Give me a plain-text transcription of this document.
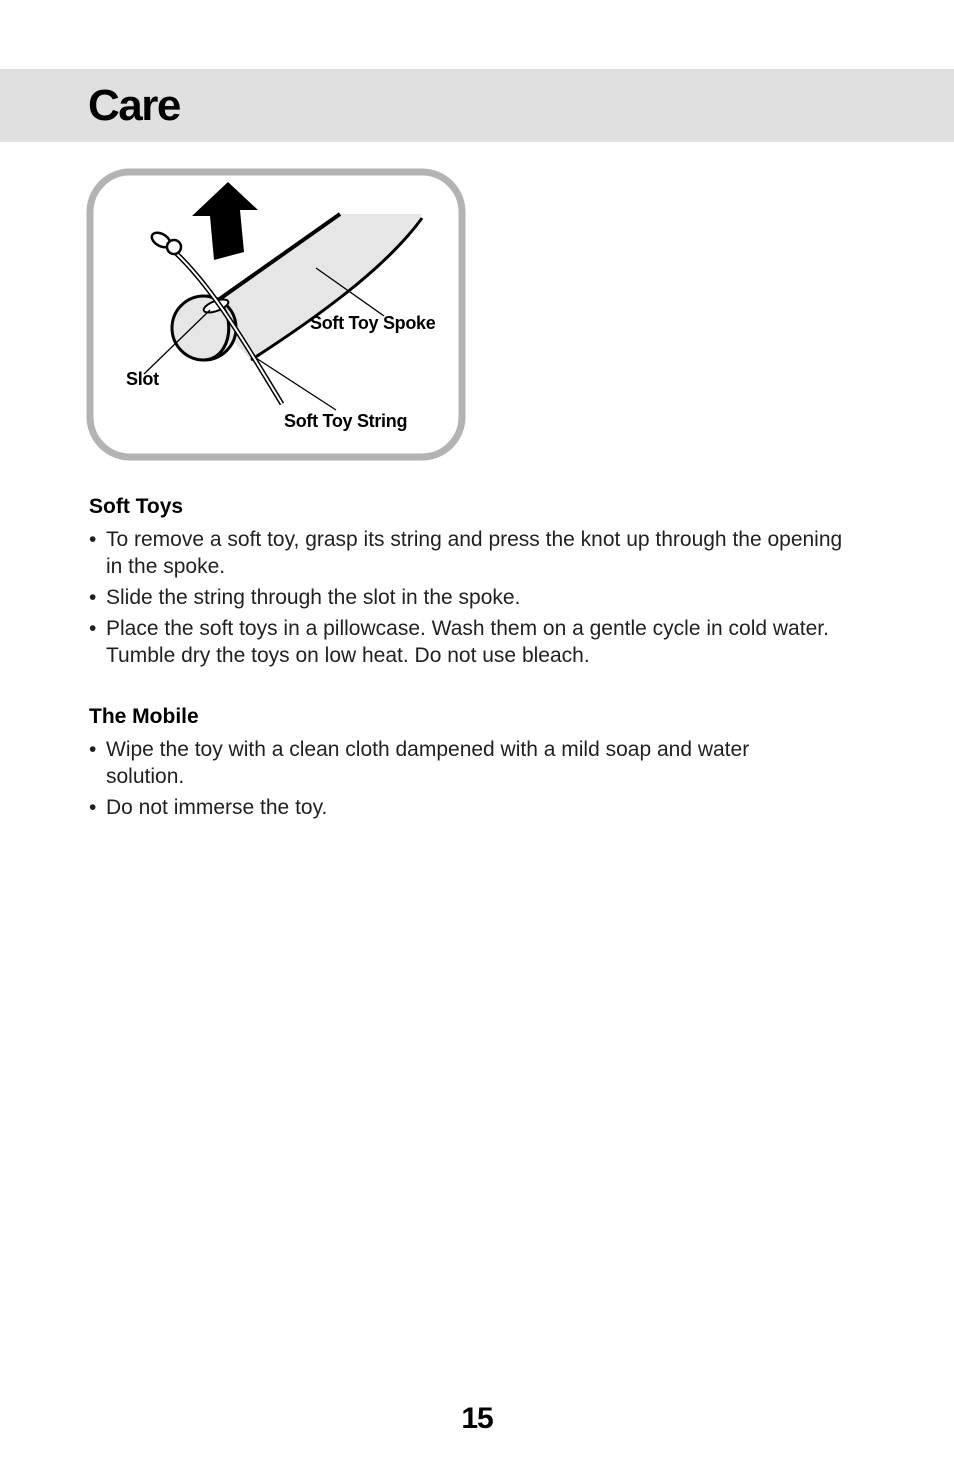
Care
Soft Toy Spoke
Slot
Soft Toy String
Soft Toys
• To remove a soft toy, grasp its string and press the knot up through the opening in the spoke.
• Slide the string through the slot in the spoke.
• Place the soft toys in a pillowcase. Wash them on a gentle cycle in cold water. Tumble dry the toys on low heat. Do not use bleach.
The Mobile
• Wipe the toy with a clean cloth dampened with a mild soap and water solution.
• Do not immerse the toy.
15
